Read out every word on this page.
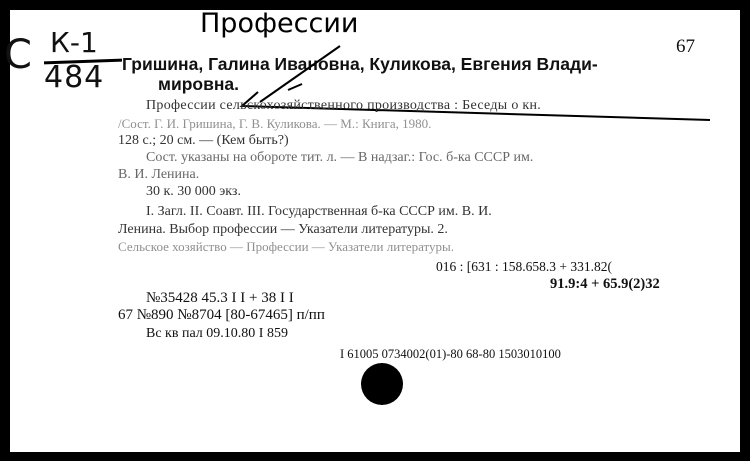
Профессии
С К-1
484
67
Гришина, Галина Ивановна, Куликова, Евгения Влади-
мировна.
Профессии сельскохозяйственного производства : Беседы о кн.
/Сост. Г. И. Гришина, Г. В. Куликова. — М.: Книга, 1980.
128 с.; 20 см. — (Кем быть?)
Сост. указаны на обороте тит. л. — В надзаг.: Гос. б-ка СССР им.
В. И. Ленина.
30 к. 30 000 экз.
I. Загл. II. Соавт. III. Государственная б-ка СССР им. В. И.
Ленина. Выбор профессии — Указатели литературы. 2.
Сельское хозяйство — Профессии — Указатели литературы.
016 : [631 : 158.658.3 + 331.82(
91.9:4 + 65.9(2)32
№35428 45.3 I I + 38 I I
67 №890 №8704 [80-67465] п/пп
Вс кв пал 09.10.80 I 859
I 61005 0734002(01)-80 68-80 1503010100
